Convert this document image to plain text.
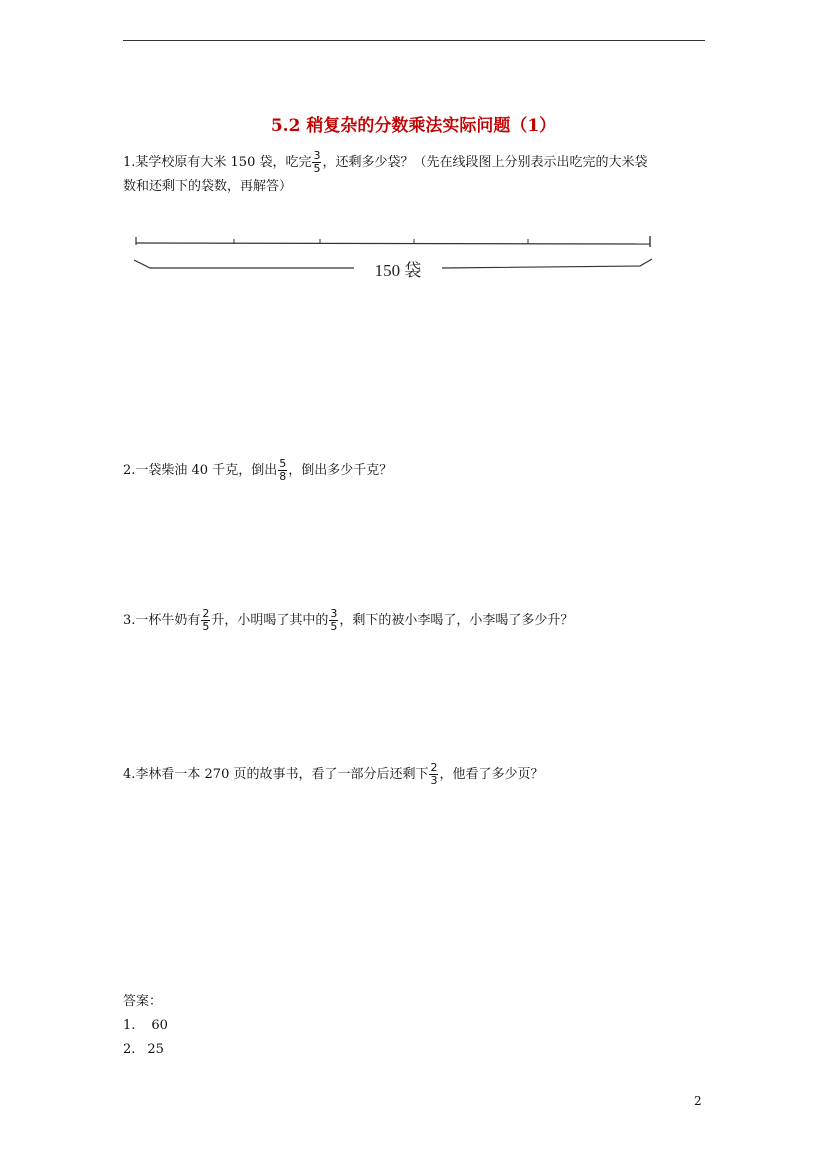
5.2 稍复杂的分数乘法实际问题（1）
1.某学校原有大米 150 袋，吃完 $\frac{3}{5}$ ，还剩多少袋？（先在线段图上分别表示出吃完的大米袋
数和还剩下的袋数，再解答）
150 袋
2.一袋柴油 40 千克，倒出 $\frac{5}{8}$ ，倒出多少千克？
3.一杯牛奶有 $\frac{2}{5}$ 升，小明喝了其中的 $\frac{3}{5}$ ，剩下的被小李喝了，小李喝了多少升？
4.李林看一本 270 页的故事书，看了一部分后还剩下 $\frac{2}{3}$ ，他看了多少页？
答案：
1. 60
2. 25
2
